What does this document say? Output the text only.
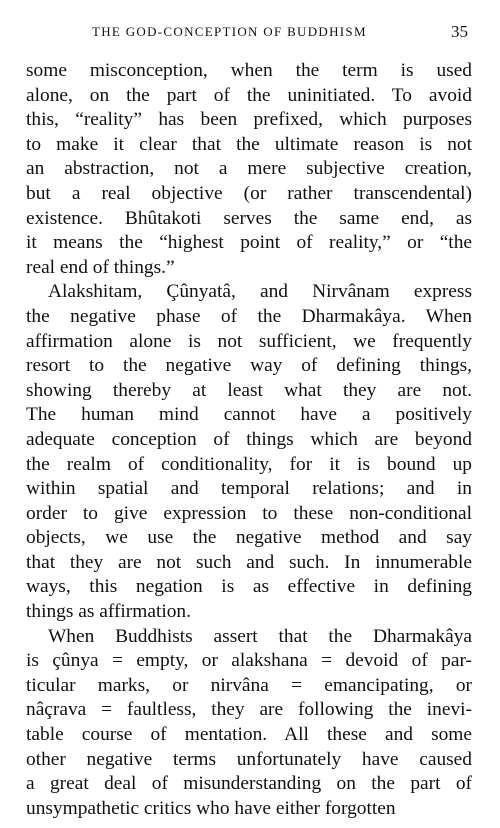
THE GOD-CONCEPTION OF BUDDHISM	35
some misconception, when the term is used
alone, on the part of the uninitiated. To avoid
this, “reality” has been prefixed, which purposes
to make it clear that the ultimate reason is not
an abstraction, not a mere subjective creation,
but a real objective (or rather transcendental)
existence. Bhûtakoti serves the same end, as
it means the “highest point of reality,” or “the
real end of things.”
Alakshitam, Çûnyatâ, and Nirvânam express
the negative phase of the Dharmakâya. When
affirmation alone is not sufficient, we frequently
resort to the negative way of defining things,
showing thereby at least what they are not.
The human mind cannot have a positively
adequate conception of things which are beyond
the realm of conditionality, for it is bound up
within spatial and temporal relations; and in
order to give expression to these non-conditional
objects, we use the negative method and say
that they are not such and such. In innumerable
ways, this negation is as effective in defining
things as affirmation.
When Buddhists assert that the Dharmakâya
is çûnya = empty, or alakshana = devoid of par-
ticular marks, or nirvâna = emancipating, or
nâçrava = faultless, they are following the inevi-
table course of mentation. All these and some
other negative terms unfortunately have caused
a great deal of misunderstanding on the part of
unsympathetic critics who have either forgotten
